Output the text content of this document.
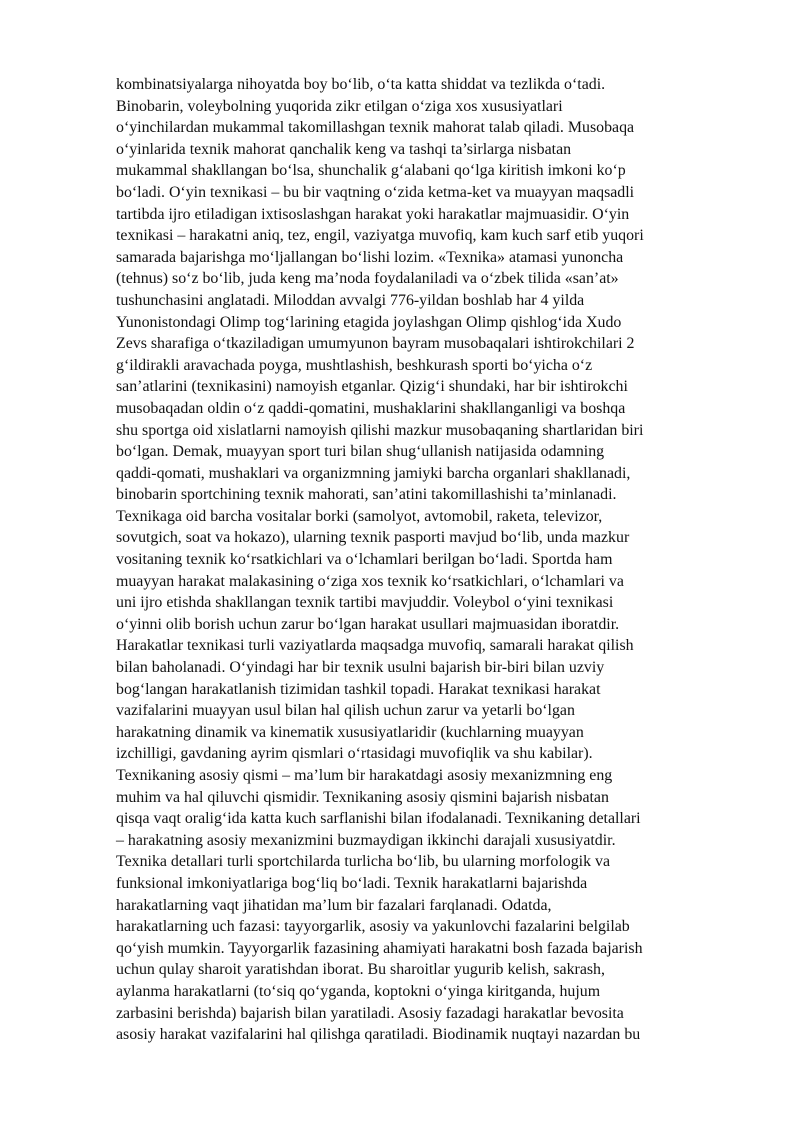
kombinatsiyalarga nihoyatda boy bo‘lib, o‘ta katta shiddat va tezlikda o‘tadi.
Binobarin, voleybolning yuqorida zikr etilgan o‘ziga xos xususiyatlari
o‘yinchilardan mukammal takomillashgan texnik mahorat talab qiladi. Musobaqa
o‘yinlarida texnik mahorat qanchalik keng va tashqi ta’sirlarga nisbatan
mukammal shakllangan bo‘lsa, shunchalik g‘alabani qo‘lga kiritish imkoni ko‘p
bo‘ladi. O‘yin texnikasi – bu bir vaqtning o‘zida ketma-ket va muayyan maqsadli
tartibda ijro etiladigan ixtisoslashgan harakat yoki harakatlar majmuasidir. O‘yin
texnikasi – harakatni aniq, tez, engil, vaziyatga muvofiq, kam kuch sarf etib yuqori
samarada bajarishga mo‘ljallangan bo‘lishi lozim. «Texnika» atamasi yunoncha
(tehnus) so‘z bo‘lib, juda keng ma’noda foydalaniladi va o‘zbek tilida «san’at»
tushunchasini anglatadi. Miloddan avvalgi 776-yildan boshlab har 4 yilda
Yunonistondagi Olimp tog‘larining etagida joylashgan Olimp qishlog‘ida Xudo
Zevs sharafiga o‘tkaziladigan umumyunon bayram musobaqalari ishtirokchilari 2
g‘ildirakli aravachada poyga, mushtlashish, beshkurash sporti bo‘yicha o‘z
san’atlarini (texnikasini) namoyish etganlar. Qizig‘i shundaki, har bir ishtirokchi
musobaqadan oldin o‘z qaddi-qomatini, mushaklarini shakllanganligi va boshqa
shu sportga oid xislatlarni namoyish qilishi mazkur musobaqaning shartlaridan biri
bo‘lgan. Demak, muayyan sport turi bilan shug‘ullanish natijasida odamning
qaddi-qomati, mushaklari va organizmning jamiyki barcha organlari shakllanadi,
binobarin sportchining texnik mahorati, san’atini takomillashishi ta’minlanadi.
Texnikaga oid barcha vositalar borki (samolyot, avtomobil, raketa, televizor,
sovutgich, soat va hokazo), ularning texnik pasporti mavjud bo‘lib, unda mazkur
vositaning texnik ko‘rsatkichlari va o‘lchamlari berilgan bo‘ladi. Sportda ham
muayyan harakat malakasining o‘ziga xos texnik ko‘rsatkichlari, o‘lchamlari va
uni ijro etishda shakllangan texnik tartibi mavjuddir. Voleybol o‘yini texnikasi
o‘yinni olib borish uchun zarur bo‘lgan harakat usullari majmuasidan iboratdir.
Harakatlar texnikasi turli vaziyatlarda maqsadga muvofiq, samarali harakat qilish
bilan baholanadi. O‘yindagi har bir texnik usulni bajarish bir-biri bilan uzviy
bog‘langan harakatlanish tizimidan tashkil topadi. Harakat texnikasi harakat
vazifalarini muayyan usul bilan hal qilish uchun zarur va yetarli bo‘lgan
harakatning dinamik va kinematik xususiyatlaridir (kuchlarning muayyan
izchilligi, gavdaning ayrim qismlari o‘rtasidagi muvofiqlik va shu kabilar).
Texnikaning asosiy qismi – ma’lum bir harakatdagi asosiy mexanizmning eng
muhim va hal qiluvchi qismidir. Texnikaning asosiy qismini bajarish nisbatan
qisqa vaqt oralig‘ida katta kuch sarflanishi bilan ifodalanadi. Texnikaning detallari
– harakatning asosiy mexanizmini buzmaydigan ikkinchi darajali xususiyatdir.
Texnika detallari turli sportchilarda turlicha bo‘lib, bu ularning morfologik va
funksional imkoniyatlariga bog‘liq bo‘ladi. Texnik harakatlarni bajarishda
harakatlarning vaqt jihatidan ma’lum bir fazalari farqlanadi. Odatda,
harakatlarning uch fazasi: tayyorgarlik, asosiy va yakunlovchi fazalarini belgilab
qo‘yish mumkin. Tayyorgarlik fazasining ahamiyati harakatni bosh fazada bajarish
uchun qulay sharoit yaratishdan iborat. Bu sharoitlar yugurib kelish, sakrash,
aylanma harakatlarni (to‘siq qo‘yganda, koptokni o‘yinga kiritganda, hujum
zarbasini berishda) bajarish bilan yaratiladi. Asosiy fazadagi harakatlar bevosita
asosiy harakat vazifalarini hal qilishga qaratiladi. Biodinamik nuqtayi nazardan bu
